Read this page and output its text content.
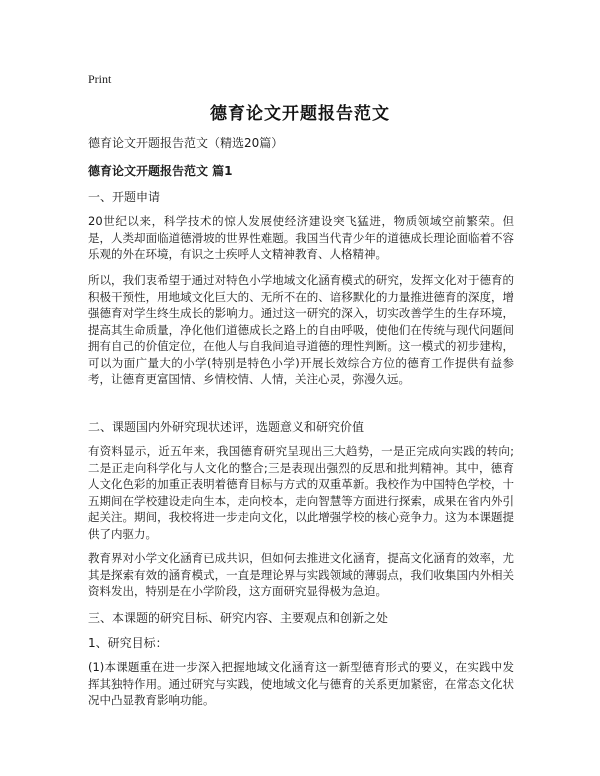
Print
德育论文开题报告范文
德育论文开题报告范文（精选20篇）
德育论文开题报告范文 篇1
一、开题申请

20世纪以来，科学技术的惊人发展使经济建设突飞猛进，物质领域空前繁荣。但是，人类却面临道德滑坡的世界性难题。我国当代青少年的道德成长理论面临着不容乐观的外在环境，有识之士疾呼人文精神教育、人格精神。

所以，我们衷希望于通过对特色小学地域文化涵育模式的研究，发挥文化对于德育的积极干预性，用地域文化巨大的、无所不在的、谙移默化的力量推进德育的深度，增强德育对学生终生成长的影响力。通过这一研究的深入，切实改善学生的生存环境，提高其生命质量，净化他们道德成长之路上的自由呼吸，使他们在传统与现代问题间拥有自己的价值定位，在他人与自我间追寻道德的理性判断。这一模式的初步建构，可以为面广量大的小学(特别是特色小学)开展长效综合方位的德育工作提供有益参考，让德育更富国情、乡情校情、人情，关注心灵，弥漫久远。

二、课题国内外研究现状述评，选题意义和研究价值

有资料显示，近五年来，我国德育研究呈现出三大趋势，一是正完成向实践的转向;二是正走向科学化与人文化的整合;三是表现出强烈的反思和批判精神。其中，德育人文化色彩的加重正表明着德育目标与方式的双重革新。我校作为中国特色学校，十五期间在学校建设走向生本，走向校本，走向智慧等方面进行探索，成果在省内外引起关注。期间，我校将进一步走向文化，以此增强学校的核心竞争力。这为本课题提供了内驱力。

教育界对小学文化涵育已成共识，但如何去推进文化涵育，提高文化涵育的效率，尤其是探索有效的涵育模式，一直是理论界与实践领域的薄弱点，我们收集国内外相关资料发出，特别是在小学阶段，这方面研究显得极为急迫。

三、本课题的研究目标、研究内容、主要观点和创新之处
1、研究目标：

(1)本课题重在进一步深入把握地域文化涵育这一新型德育形式的要义，在实践中发挥其独特作用。通过研究与实践，使地域文化与德育的关系更加紧密，在常态文化状况中凸显教育影响功能。
